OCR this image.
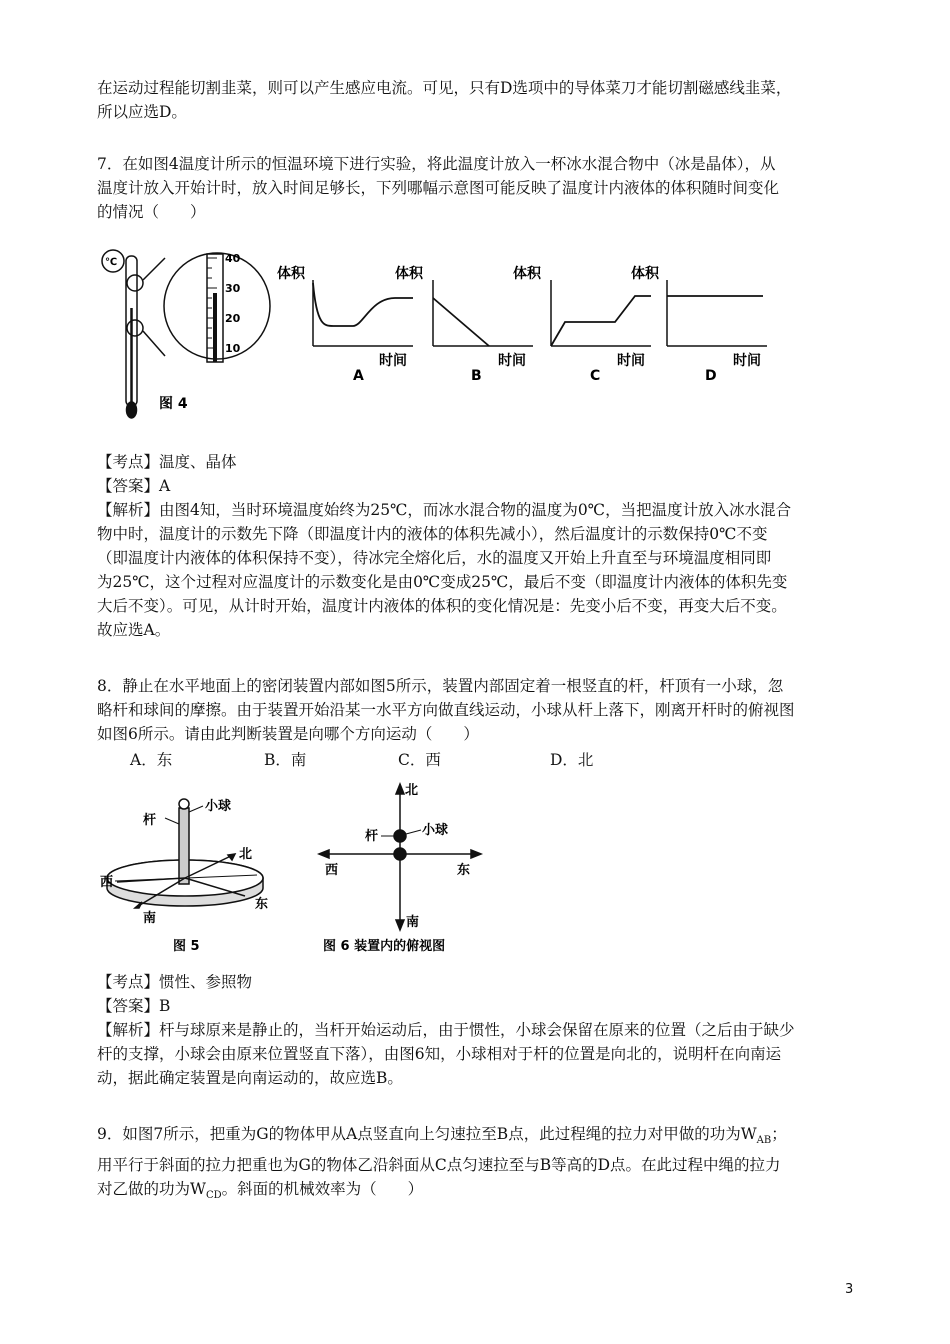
在运动过程能切割韭菜，则可以产生感应电流。可见，只有D选项中的导体菜刀才能切割磁感线韭菜，
所以应选D。
7．在如图4温度计所示的恒温环境下进行实验，将此温度计放入一杯冰水混合物中（冰是晶体），从
温度计放入开始计时，放入时间足够长，下列哪幅示意图可能反映了温度计内液体的体积随时间变化
的情况（　　）
℃	40
30
20
10
图 4
体积
时间
A
体积
时间
B
体积
时间
C
体积
时间
D
【考点】温度、晶体
【答案】A
【解析】由图4知，当时环境温度始终为25℃，而冰水混合物的温度为0℃，当把温度计放入冰水混合
物中时，温度计的示数先下降（即温度计内的液体的体积先减小），然后温度计的示数保持0℃不变
（即温度计内液体的体积保持不变），待冰完全熔化后，水的温度又开始上升直至与环境温度相同即
为25℃，这个过程对应温度计的示数变化是由0℃变成25℃，最后不变（即温度计内液体的体积先变
大后不变）。可见，从计时开始，温度计内液体的体积的变化情况是：先变小后不变，再变大后不变。
故应选A。
8．静止在水平地面上的密闭装置内部如图5所示，装置内部固定着一根竖直的杆，杆顶有一小球，忽
略杆和球间的摩擦。由于装置开始沿某一水平方向做直线运动，小球从杆上落下，刚离开杆时的俯视图
如图6所示。请由此判断装置是向哪个方向运动（　　）
A．东	B．南	C．西	D．北
杆
小球
北
西
南
东
图 5
北
杆	小球
西	东
南
图 6 装置内的俯视图
【考点】惯性、参照物
【答案】B
【解析】杆与球原来是静止的，当杆开始运动后，由于惯性，小球会保留在原来的位置（之后由于缺少
杆的支撑，小球会由原来位置竖直下落），由图6知，小球相对于杆的位置是向北的，说明杆在向南运
动，据此确定装置是向南运动的，故应选B。
9．如图7所示，把重为G的物体甲从A点竖直向上匀速拉至B点，此过程绳的拉力对甲做的功为$W_{AB}$；
用平行于斜面的拉力把重也为G的物体乙沿斜面从C点匀速拉至与B等高的D点。在此过程中绳的拉力
对乙做的功为$W_{CD}$。斜面的机械效率为（　　）
3
